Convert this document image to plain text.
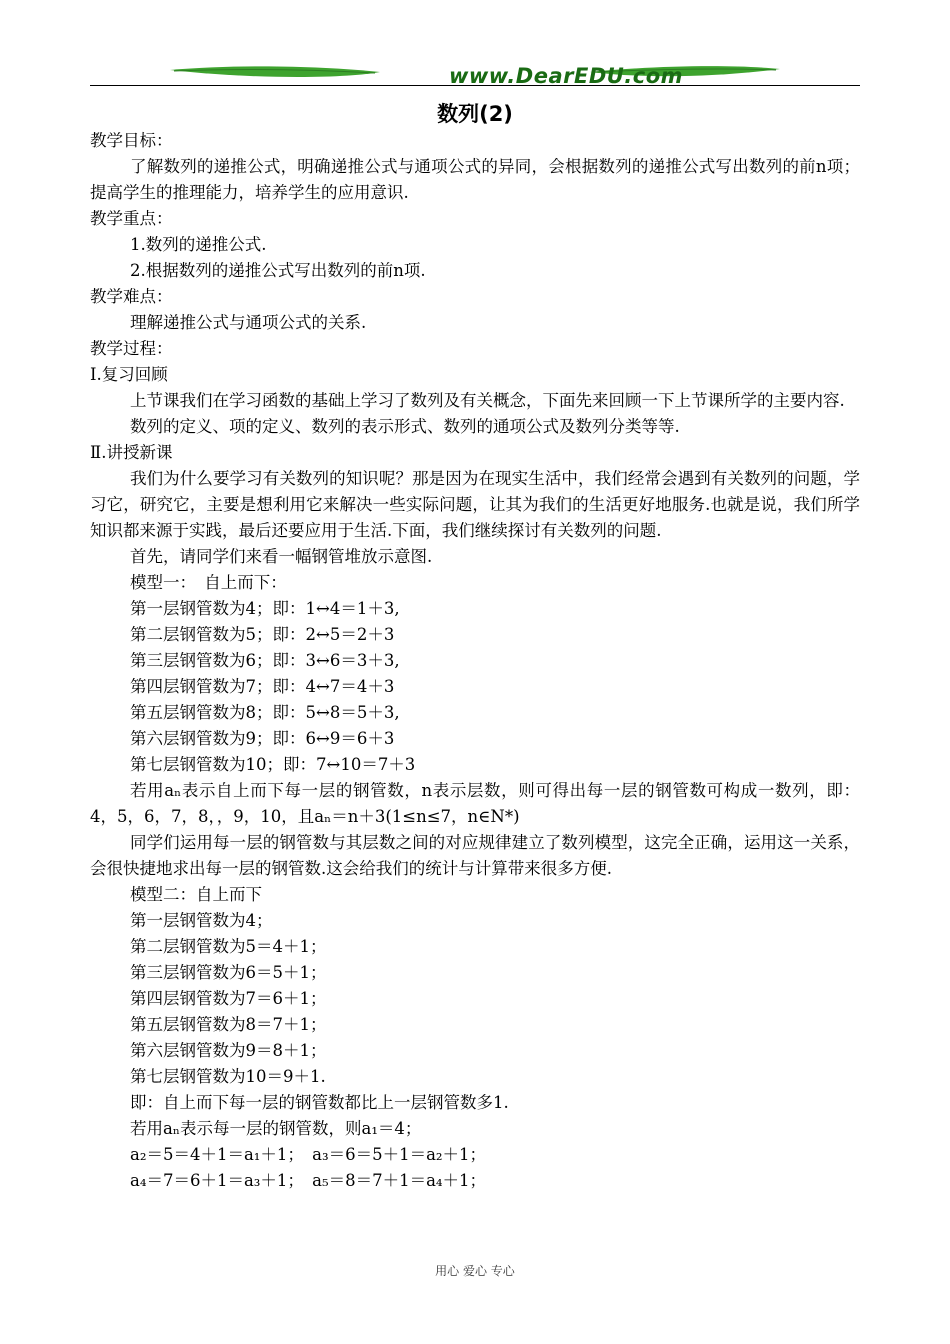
www.DearEDU.com
数列(2)

教学目标：

了解数列的递推公式，明确递推公式与通项公式的异同，会根据数列的递推公式写出数列的前n项；提高学生的推理能力，培养学生的应用意识.

教学重点：

1.数列的递推公式.

2.根据数列的递推公式写出数列的前n项.

教学难点：

理解递推公式与通项公式的关系.

教学过程：

Ⅰ.复习回顾

上节课我们在学习函数的基础上学习了数列及有关概念，下面先来回顾一下上节课所学的主要内容.

数列的定义、项的定义、数列的表示形式、数列的通项公式及数列分类等等.

Ⅱ.讲授新课

我们为什么要学习有关数列的知识呢？那是因为在现实生活中，我们经常会遇到有关数列的问题，学习它，研究它，主要是想利用它来解决一些实际问题，让其为我们的生活更好地服务.也就是说，我们所学知识都来源于实践，最后还要应用于生活.下面，我们继续探讨有关数列的问题.

首先，请同学们来看一幅钢管堆放示意图.

模型一：　自上而下：

第一层钢管数为4；即：1↔4＝1＋3,

第二层钢管数为5；即：2↔5＝2＋3

第三层钢管数为6；即：3↔6＝3＋3,

第四层钢管数为7；即：4↔7＝4＋3

第五层钢管数为8；即：5↔8＝5＋3,

第六层钢管数为9；即：6↔9＝6＋3

第七层钢管数为10；即：7↔10＝7＋3

若用aₙ表示自上而下每一层的钢管数，n表示层数，则可得出每一层的钢管数可构成一数列，即：4，5，6，7，8，，9，10，且aₙ＝n＋3(1≤n≤7，n∈N*)

同学们运用每一层的钢管数与其层数之间的对应规律建立了数列模型，这完全正确，运用这一关系，会很快捷地求出每一层的钢管数.这会给我们的统计与计算带来很多方便.

模型二：自上而下

第一层钢管数为4；

第二层钢管数为5＝4＋1；

第三层钢管数为6＝5＋1；

第四层钢管数为7＝6＋1；

第五层钢管数为8＝7＋1；

第六层钢管数为9＝8＋1；

第七层钢管数为10＝9＋1.

即：自上而下每一层的钢管数都比上一层钢管数多1.

若用aₙ表示每一层的钢管数，则a₁＝4；

a₂＝5＝4＋1＝a₁＋1；　a₃＝6＝5＋1＝a₂＋1；

a₄＝7＝6＋1＝a₃＋1；　a₅＝8＝7＋1＝a₄＋1；

用心 爱心 专心
